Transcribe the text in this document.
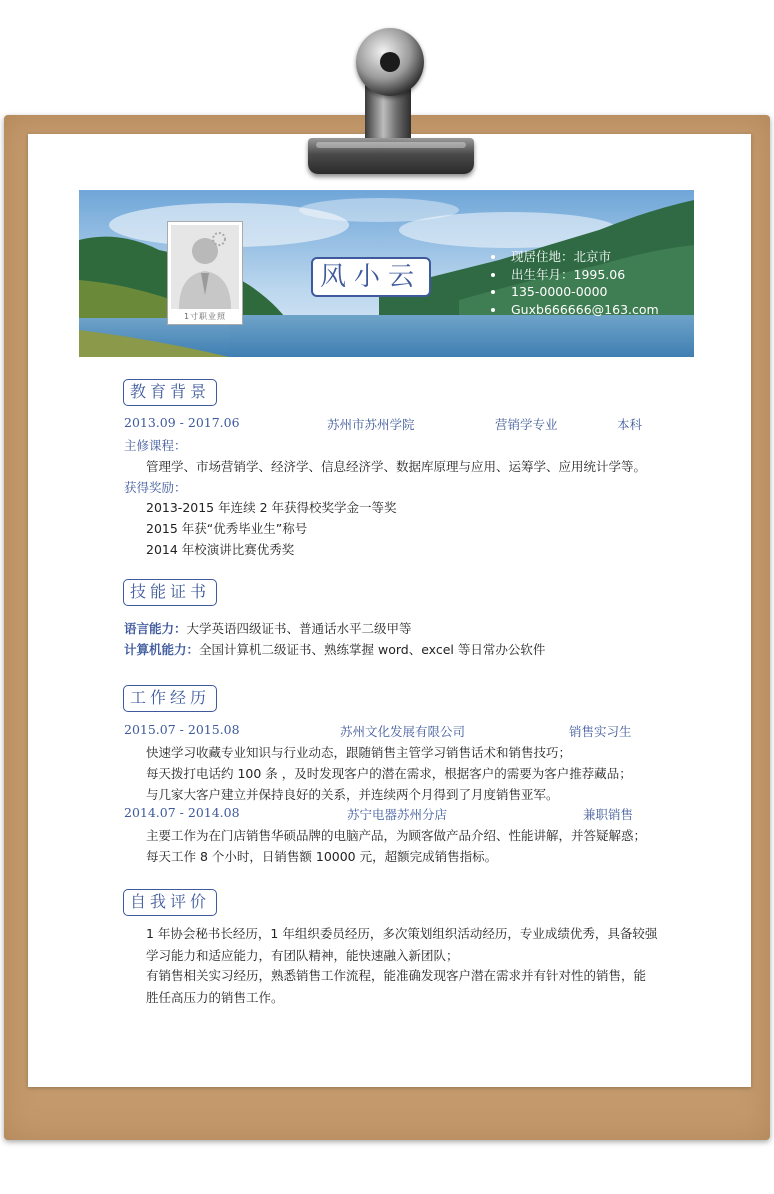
1寸职业照
风小云
现居住地：北京市
出生年月：1995.06
135-0000-0000
Guxb666666@163.com
教育背景
2013.09 - 2017.06	苏州市苏州学院	营销学专业	本科
主修课程：
管理学、市场营销学、经济学、信息经济学、数据库原理与应用、运筹学、应用统计学等。
获得奖励：
2013-2015 年连续 2 年获得校奖学金一等奖
2015 年获“优秀毕业生”称号
2014 年校演讲比赛优秀奖
技能证书
语言能力：大学英语四级证书、普通话水平二级甲等
计算机能力：全国计算机二级证书、熟练掌握 word、excel 等日常办公软件
工作经历
2015.07 - 2015.08	苏州文化发展有限公司	销售实习生
快速学习收藏专业知识与行业动态，跟随销售主管学习销售话术和销售技巧；
每天拨打电话约 100 条 ，及时发现客户的潜在需求，根据客户的需要为客户推荐藏品；
与几家大客户建立并保持良好的关系，并连续两个月得到了月度销售亚军。
2014.07 - 2014.08	苏宁电器苏州分店	兼职销售
主要工作为在门店销售华硕品牌的电脑产品，为顾客做产品介绍、性能讲解，并答疑解惑；
每天工作 8 个小时，日销售额 10000 元，超额完成销售指标。
自我评价
1 年协会秘书长经历，1 年组织委员经历，多次策划组织活动经历，专业成绩优秀，具备较强
学习能力和适应能力，有团队精神，能快速融入新团队；
有销售相关实习经历，熟悉销售工作流程，能准确发现客户潜在需求并有针对性的销售，能
胜任高压力的销售工作。
